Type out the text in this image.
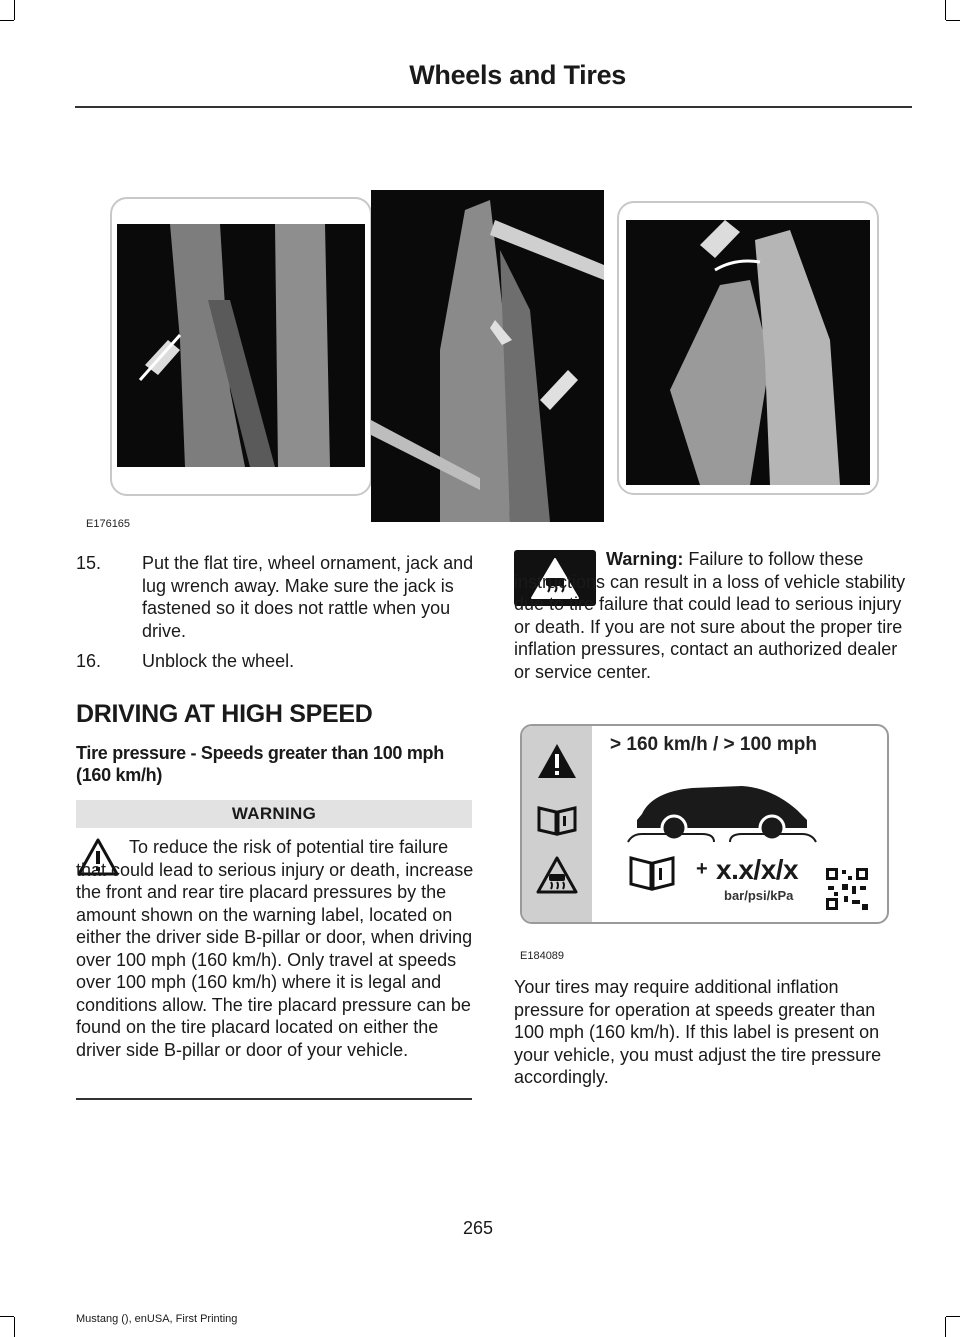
Wheels and Tires
E176165
15. Put the flat tire, wheel ornament, jack and lug wrench away. Make sure the jack is fastened so it does not rattle when you drive.
16. Unblock the wheel.
DRIVING AT HIGH SPEED
Tire pressure - Speeds greater than 100 mph (160 km/h)
WARNING
To reduce the risk of potential tire failure that could lead to serious injury or death, increase the front and rear tire placard pressures by the amount shown on the warning label, located on either the driver side B-pillar or door, when driving over 100 mph (160 km/h). Only travel at speeds over 100 mph (160 km/h) where it is legal and conditions allow. The tire placard pressure can be found on the tire placard located on either the driver side B-pillar or door of your vehicle.
Warning: Failure to follow these instructions can result in a loss of vehicle stability due to tire failure that could lead to serious injury or death. If you are not sure about the proper tire inflation pressures, contact an authorized dealer or service center.
> 160 km/h / > 100 mph
+ x.x/x/x
bar/psi/kPa
E184089
Your tires may require additional inflation pressure for operation at speeds greater than 100 mph (160 km/h). If this label is present on your vehicle, you must adjust the tire pressure accordingly.
265
Mustang (), enUSA, First Printing
